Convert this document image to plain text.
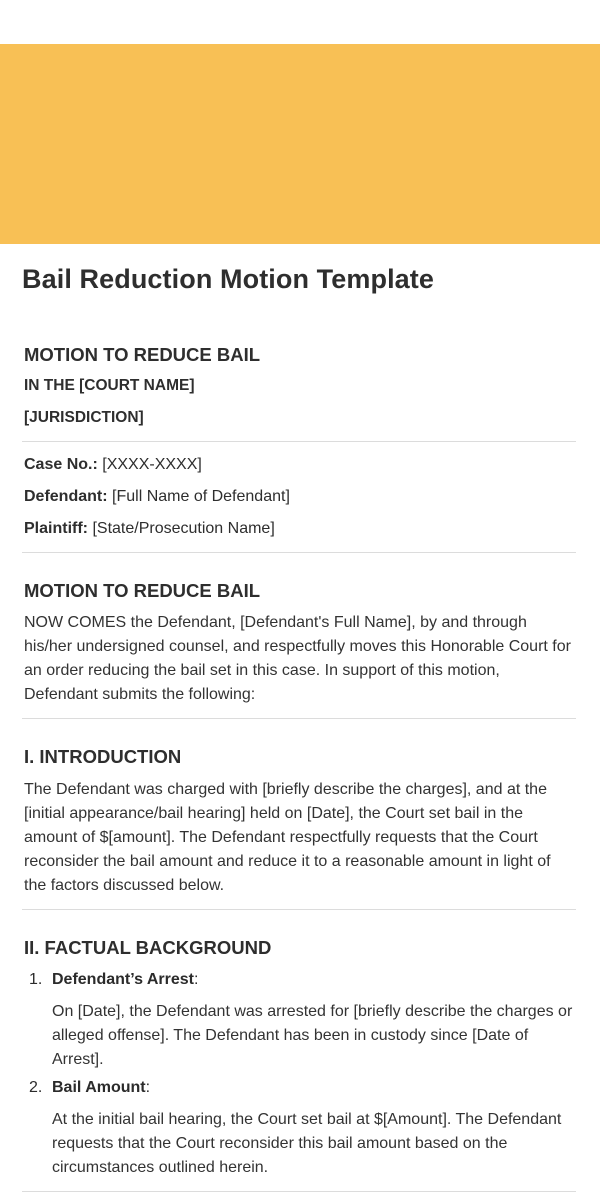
Bail Reduction Motion Template
MOTION TO REDUCE BAIL
IN THE [COURT NAME]
[JURISDICTION]
Case No.: [XXXX-XXXX]
Defendant: [Full Name of Defendant]
Plaintiff: [State/Prosecution Name]
MOTION TO REDUCE BAIL

NOW COMES the Defendant, [Defendant's Full Name], by and through his/her undersigned counsel, and respectfully moves this Honorable Court for an order reducing the bail set in this case. In support of this motion, Defendant submits the following:

I. INTRODUCTION

The Defendant was charged with [briefly describe the charges], and at the [initial appearance/bail hearing] held on [Date], the Court set bail in the amount of $[amount]. The Defendant respectfully requests that the Court reconsider the bail amount and reduce it to a reasonable amount in light of the factors discussed below.

II. FACTUAL BACKGROUND
1. Defendant’s Arrest:

On [Date], the Defendant was arrested for [briefly describe the charges or alleged offense]. The Defendant has been in custody since [Date of Arrest].

2. Bail Amount:

At the initial bail hearing, the Court set bail at $[Amount]. The Defendant requests that the Court reconsider this bail amount based on the circumstances outlined herein.
